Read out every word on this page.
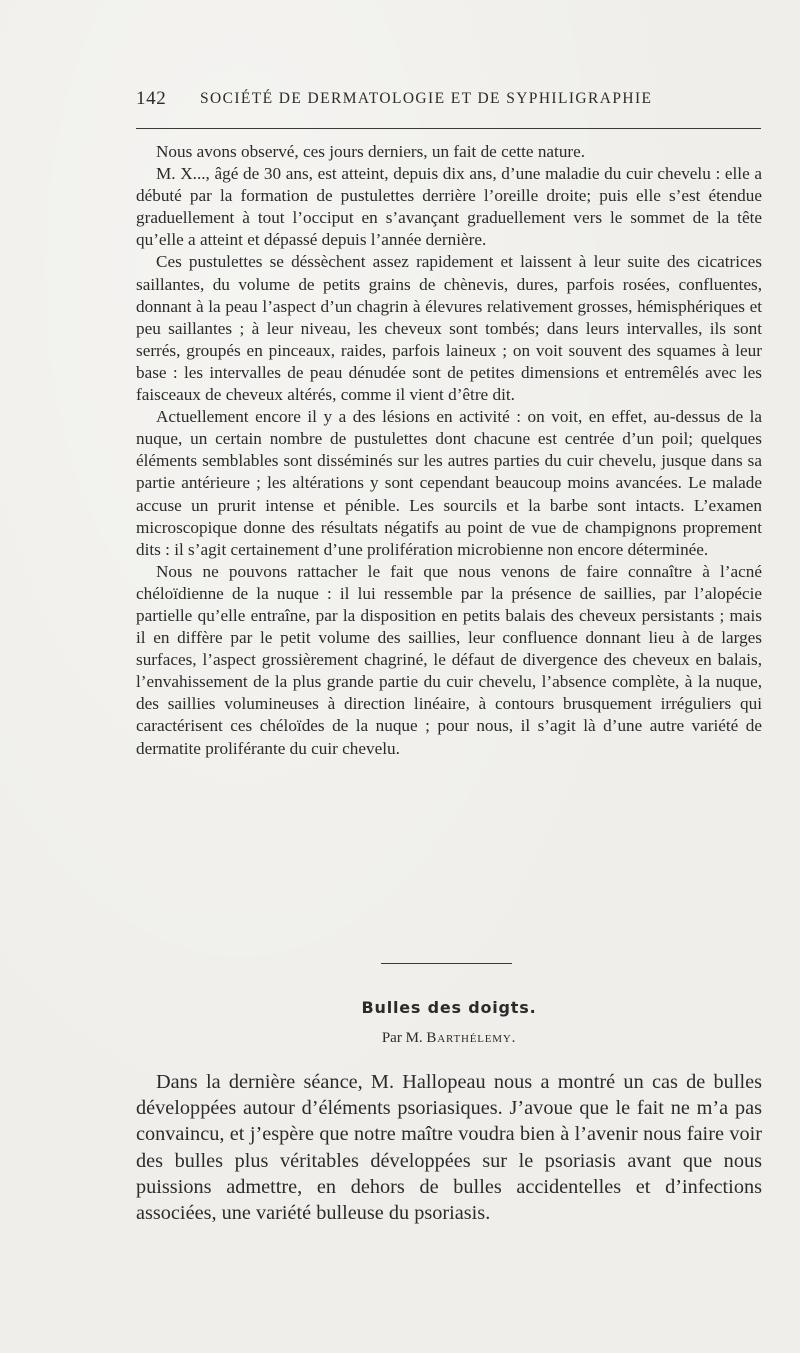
142 SOCIÉTÉ DE DERMATOLOGIE ET DE SYPHILIGRAPHIE

Nous avons observé, ces jours derniers, un fait de cette nature.

M. X..., âgé de 30 ans, est atteint, depuis dix ans, d’une maladie du cuir chevelu : elle a débuté par la formation de pustulettes derrière l’oreille droite; puis elle s’est étendue graduellement à tout l’occiput en s’avançant graduellement vers le sommet de la tête qu’elle a atteint et dépassé depuis l’année dernière.

Ces pustulettes se déssèchent assez rapidement et laissent à leur suite des cicatrices saillantes, du volume de petits grains de chènevis, dures, parfois rosées, confluentes, donnant à la peau l’aspect d’un chagrin à élevures relativement grosses, hémisphériques et peu saillantes ; à leur niveau, les cheveux sont tombés; dans leurs intervalles, ils sont serrés, groupés en pinceaux, raides, parfois laineux ; on voit souvent des squames à leur base : les intervalles de peau dénudée sont de petites dimensions et entremêlés avec les faisceaux de cheveux altérés, comme il vient d’être dit.

Actuellement encore il y a des lésions en activité : on voit, en effet, au-dessus de la nuque, un certain nombre de pustulettes dont chacune est centrée d’un poil; quelques éléments semblables sont disséminés sur les autres parties du cuir chevelu, jusque dans sa partie antérieure ; les altérations y sont cependant beaucoup moins avancées. Le malade accuse un prurit intense et pénible. Les sourcils et la barbe sont intacts. L’examen microscopique donne des résultats négatifs au point de vue de champignons proprement dits : il s’agit certainement d’une prolifération microbienne non encore déterminée.

Nous ne pouvons rattacher le fait que nous venons de faire connaître à l’acné chéloïdienne de la nuque : il lui ressemble par la présence de saillies, par l’alopécie partielle qu’elle entraîne, par la disposition en petits balais des cheveux persistants ; mais il en diffère par le petit volume des saillies, leur confluence donnant lieu à de larges surfaces, l’aspect grossièrement chagriné, le défaut de divergence des cheveux en balais, l’envahissement de la plus grande partie du cuir chevelu, l’absence complète, à la nuque, des saillies volumineuses à direction linéaire, à contours brusquement irréguliers qui caractérisent ces chéloïdes de la nuque ; pour nous, il s’agit là d’une autre variété de dermatite proliférante du cuir chevelu.

Bulles des doigts.
Par M. Barthélemy.

Dans la dernière séance, M. Hallopeau nous a montré un cas de bulles développées autour d’éléments psoriasiques. J’avoue que le fait ne m’a pas convaincu, et j’espère que notre maître voudra bien à l’avenir nous faire voir des bulles plus véritables développées sur le psoriasis avant que nous puissions admettre, en dehors de bulles accidentelles et d’infections associées, une variété bulleuse du psoriasis.
